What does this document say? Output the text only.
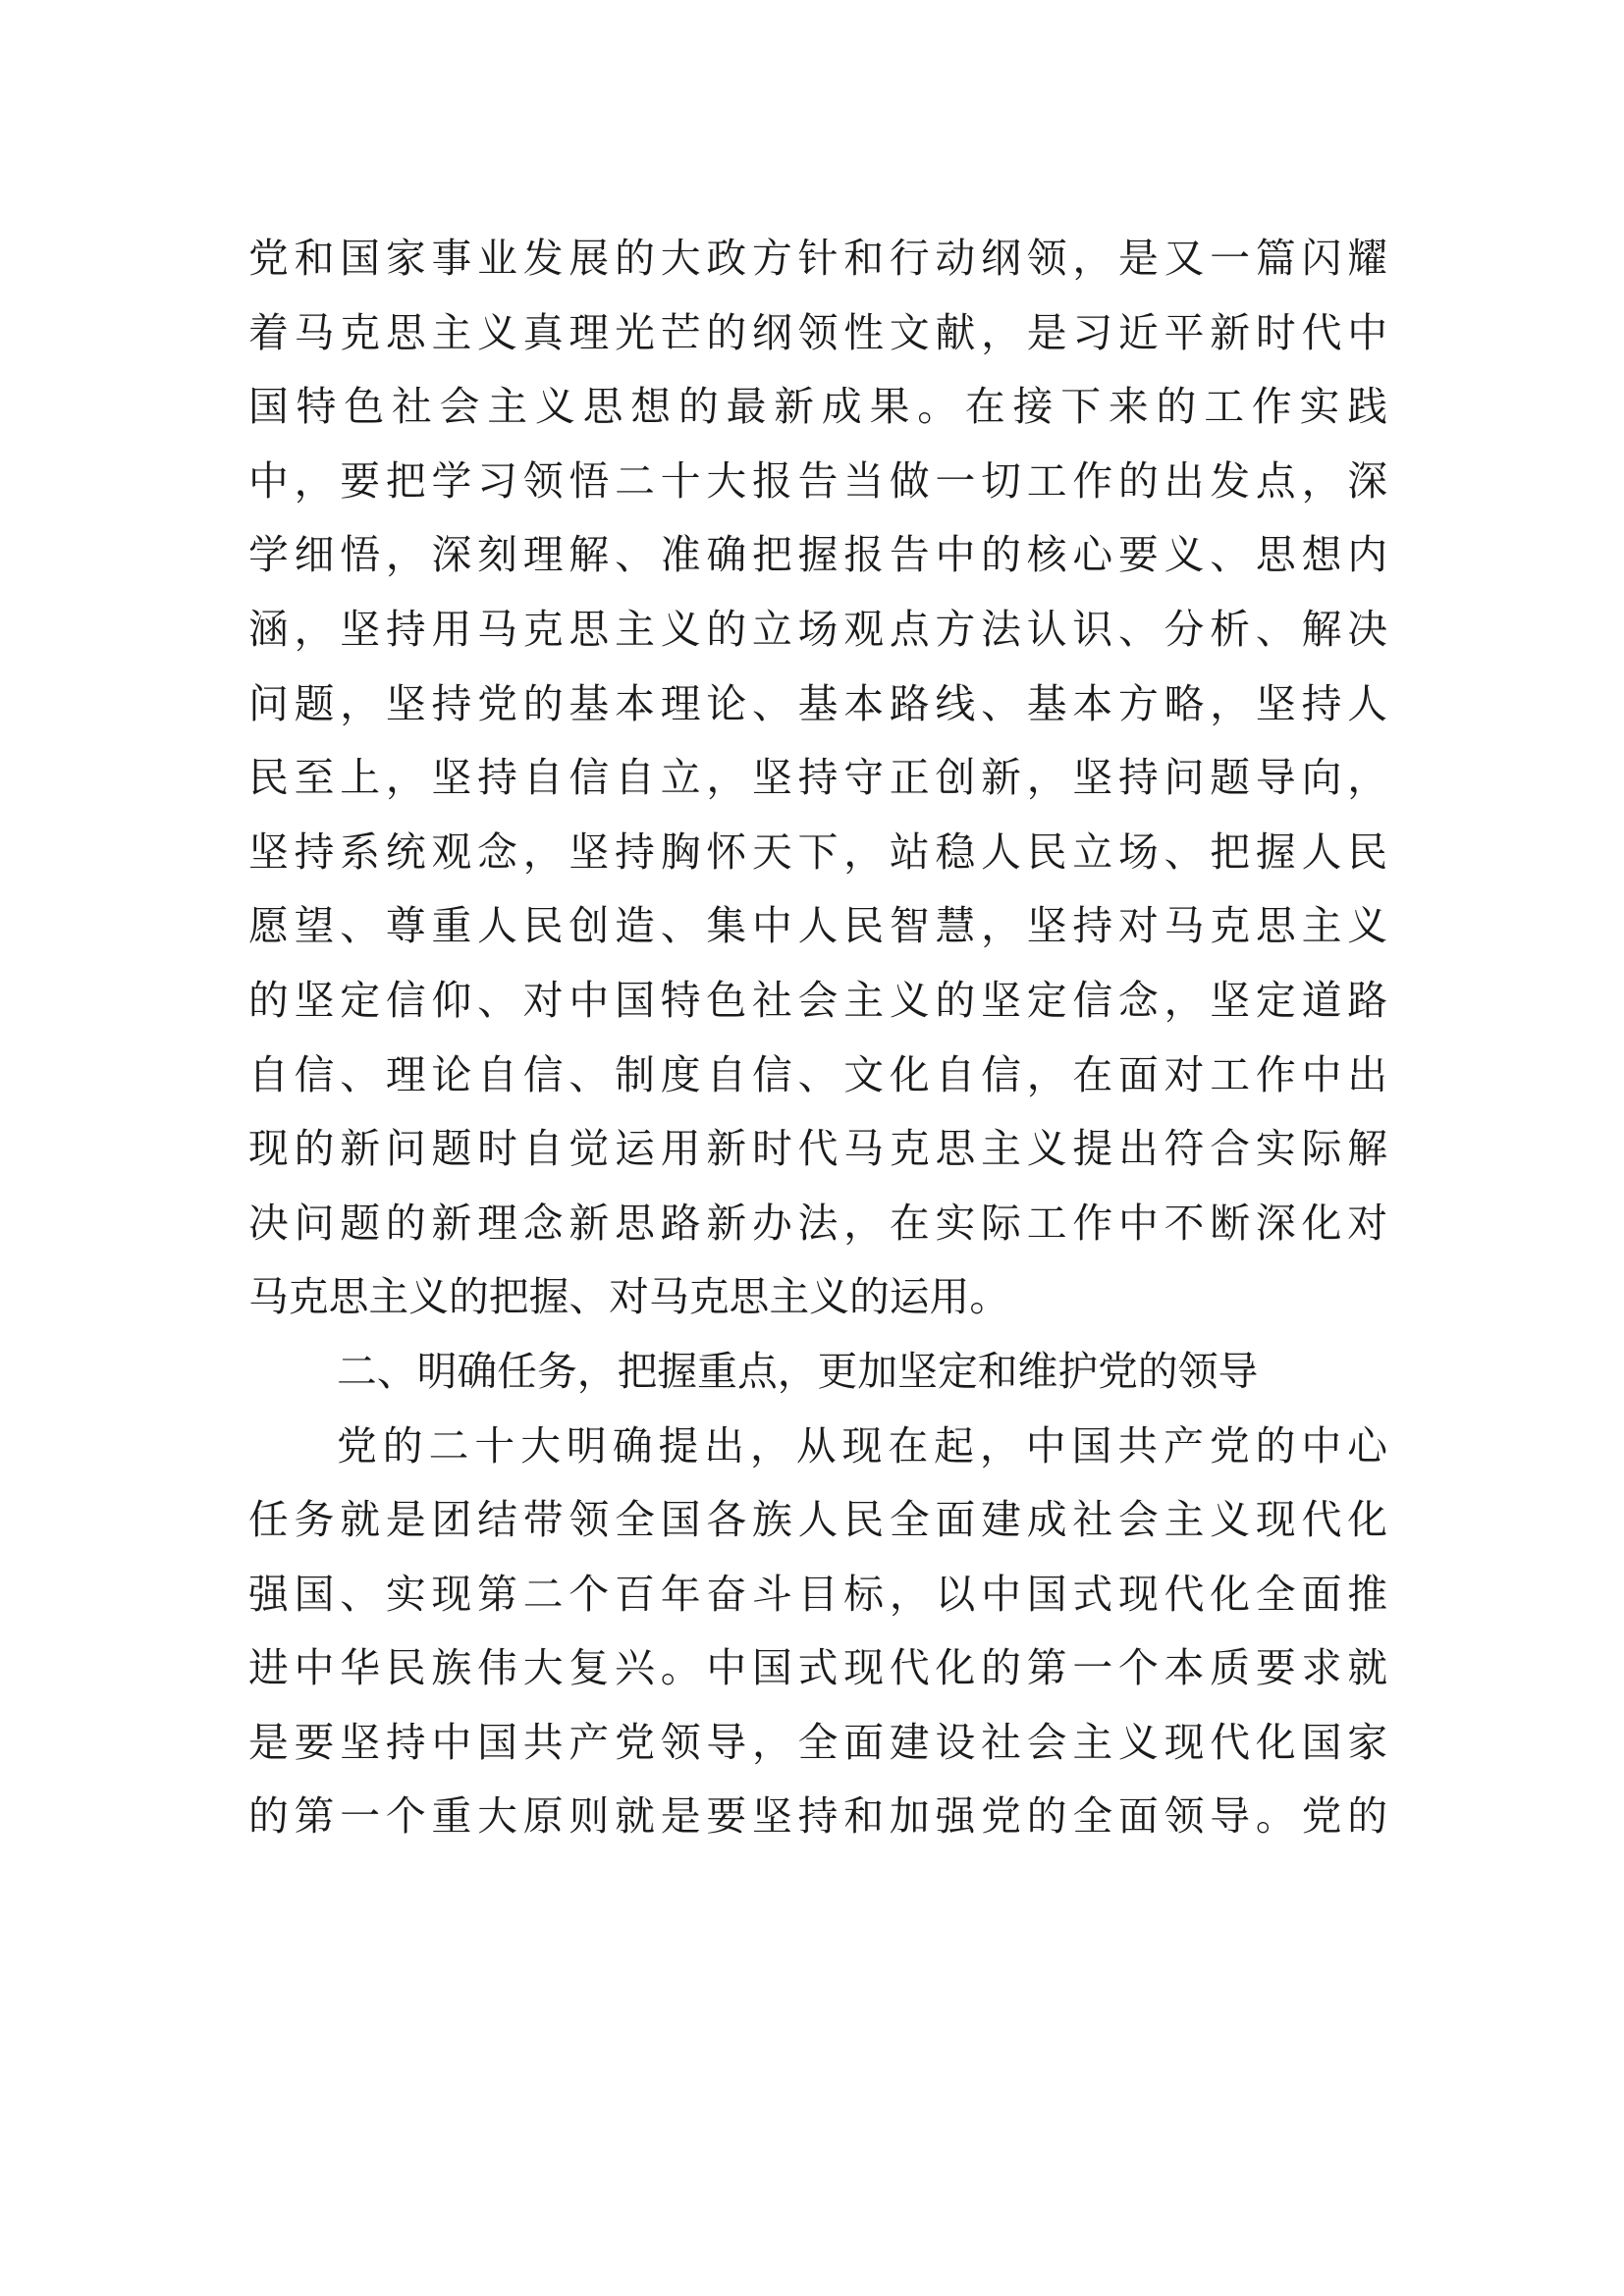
党和国家事业发展的大政方针和行动纲领，是又一篇闪耀
着马克思主义真理光芒的纲领性文献，是习近平新时代中
国特色社会主义思想的最新成果。在接下来的工作实践
中，要把学习领悟二十大报告当做一切工作的出发点，深
学细悟，深刻理解、准确把握报告中的核心要义、思想内
涵，坚持用马克思主义的立场观点方法认识、分析、解决
问题，坚持党的基本理论、基本路线、基本方略，坚持人
民至上，坚持自信自立，坚持守正创新，坚持问题导向，
坚持系统观念，坚持胸怀天下，站稳人民立场、把握人民
愿望、尊重人民创造、集中人民智慧，坚持对马克思主义
的坚定信仰、对中国特色社会主义的坚定信念，坚定道路
自信、理论自信、制度自信、文化自信，在面对工作中出
现的新问题时自觉运用新时代马克思主义提出符合实际解
决问题的新理念新思路新办法，在实际工作中不断深化对
马克思主义的把握、对马克思主义的运用。
二、明确任务，把握重点，更加坚定和维护党的领导
党的二十大明确提出，从现在起，中国共产党的中心
任务就是团结带领全国各族人民全面建成社会主义现代化
强国、实现第二个百年奋斗目标，以中国式现代化全面推
进中华民族伟大复兴。中国式现代化的第一个本质要求就
是要坚持中国共产党领导，全面建设社会主义现代化国家
的第一个重大原则就是要坚持和加强党的全面领导。党的
